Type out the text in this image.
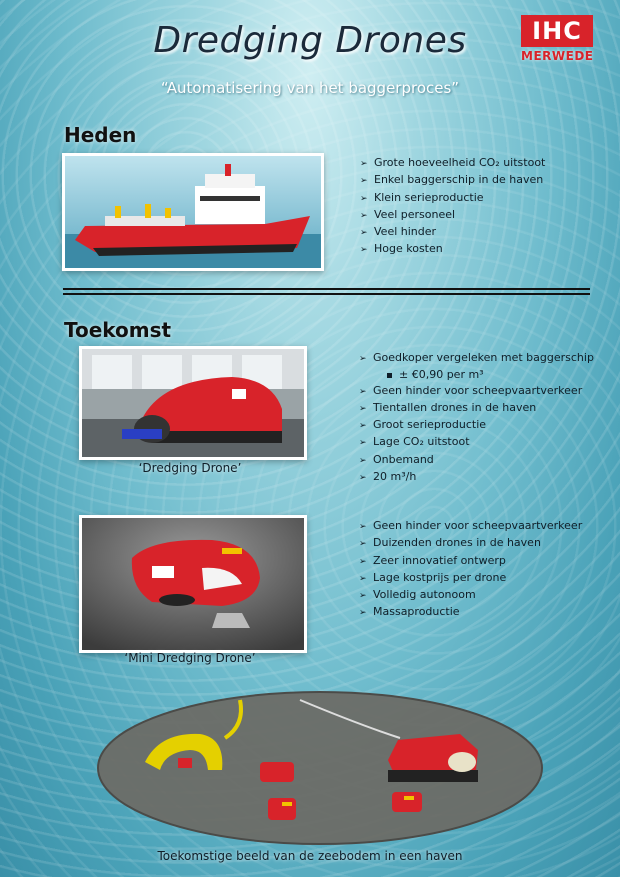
Dredging Drones
“Automatisering van het baggerproces”
IHC
MERWEDE
Heden
➢ Grote hoeveelheid CO₂ uitstoot
➢ Enkel baggerschip in de haven
➢ Klein serieproductie
➢ Veel personeel
➢ Veel hinder
➢ Hoge kosten
Toekomst
‘Dredging Drone’
➢ Goedkoper vergeleken met baggerschip
± €0,90 per m³
➢ Geen hinder voor scheepvaartverkeer
➢ Tientallen drones in de haven
➢ Groot serieproductie
➢ Lage CO₂ uitstoot
➢ Onbemand
➢ 20 m³/h
‘Mini Dredging Drone’
➢ Geen hinder voor scheepvaartverkeer
➢ Duizenden drones in de haven
➢ Zeer innovatief ontwerp
➢ Lage kostprijs per drone
➢ Volledig autonoom
➢ Massaproductie
Toekomstige beeld van de zeebodem in een haven
